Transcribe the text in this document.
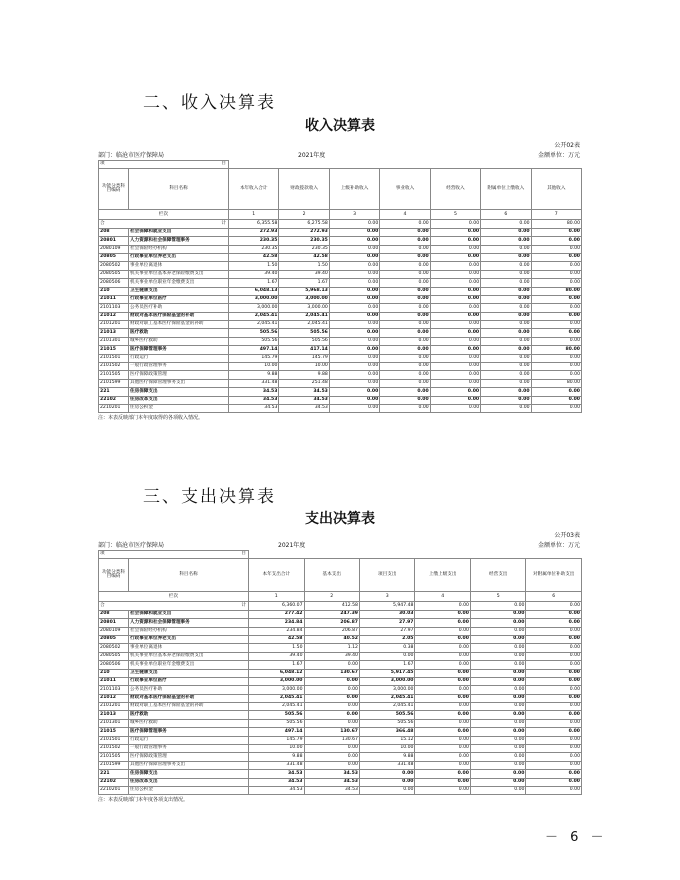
二、收入决算表
收入决算表
公开02表
部门：临沧市医疗保障局	2021年度	金额单位：万元
项 目								

功能分类科目编码	科目名称	本年收入合计	财政拨款收入	上级补助收入	事业收入	经营收入	附属单位上缴收入	其他收入
栏次		1	2	3	4	5	6	7
合 计		6,355.58	6,275.58	0.00	0.00	0.00	0.00	80.00
208	社会保障和就业支出	272.93	272.93	0.00	0.00	0.00	0.00	0.00
20801	人力资源和社会保障管理事务	230.35	230.35	0.00	0.00	0.00	0.00	0.00
2080109	社会保险经办机构	230.35	230.35	0.00	0.00	0.00	0.00	0.00
20805	行政事业单位养老支出	42.58	42.58	0.00	0.00	0.00	0.00	0.00
2080502	事业单位离退休	1.50	1.50	0.00	0.00	0.00	0.00	0.00
2080505	机关事业单位基本养老保险缴费支出	39.40	39.40	0.00	0.00	0.00	0.00	0.00
2080506	机关事业单位职业年金缴费支出	1.67	1.67	0.00	0.00	0.00	0.00	0.00
210	卫生健康支出	6,048.13	5,968.13	0.00	0.00	0.00	0.00	80.00
21011	行政事业单位医疗	3,000.00	3,000.00	0.00	0.00	0.00	0.00	0.00
2101103	公务员医疗补助	3,000.00	3,000.00	0.00	0.00	0.00	0.00	0.00
21012	财政对基本医疗保险基金的补助	2,045.41	2,045.41	0.00	0.00	0.00	0.00	0.00
2101201	财政对职工基本医疗保险基金的补助	2,045.41	2,045.41	0.00	0.00	0.00	0.00	0.00
21013	医疗救助	505.56	505.56	0.00	0.00	0.00	0.00	0.00
2101301	城乡医疗救助	505.56	505.56	0.00	0.00	0.00	0.00	0.00
21015	医疗保障管理事务	497.14	417.14	0.00	0.00	0.00	0.00	80.00
2101501	行政运行	145.79	145.79	0.00	0.00	0.00	0.00	0.00
2101502	一般行政管理事务	10.00	10.00	0.00	0.00	0.00	0.00	0.00
2101505	医疗保障政策管理	9.88	9.88	0.00	0.00	0.00	0.00	0.00
2101599	其他医疗保障管理事务支出	331.48	251.48	0.00	0.00	0.00	0.00	80.00
221	住房保障支出	34.53	34.53	0.00	0.00	0.00	0.00	0.00
22102	住房改革支出	34.53	34.53	0.00	0.00	0.00	0.00	0.00
2210201	住房公积金	34.53	34.53	0.00	0.00	0.00	0.00	0.00
注：本表反映部门本年度取得的各项收入情况。
三、支出决算表
支出决算表
公开03表
部门：临沧市医疗保障局	2021年度	金额单位：万元
项 目							

功能分类科目编码	科目名称	本年支出合计	基本支出	项目支出	上缴上级支出	经营支出	对附属单位补助支出
栏次		1	2	3	4	5	6
合 计		6,360.07	412.58	5,947.48	0.00	0.00	0.00
208	社会保障和就业支出	277.42	247.39	30.03	0.00	0.00	0.00
20801	人力资源和社会保障管理事务	234.84	206.87	27.97	0.00	0.00	0.00
2080109	社会保险经办机构	234.84	206.87	27.97	0.00	0.00	0.00
20805	行政事业单位养老支出	42.58	40.52	2.05	0.00	0.00	0.00
2080502	事业单位离退休	1.50	1.12	0.38	0.00	0.00	0.00
2080505	机关事业单位基本养老保险缴费支出	39.40	39.40	0.00	0.00	0.00	0.00
2080506	机关事业单位职业年金缴费支出	1.67	0.00	1.67	0.00	0.00	0.00
210	卫生健康支出	6,048.12	130.67	5,917.45	0.00	0.00	0.00
21011	行政事业单位医疗	3,000.00	0.00	3,000.00	0.00	0.00	0.00
2101103	公务员医疗补助	3,000.00	0.00	3,000.00	0.00	0.00	0.00
21012	财政对基本医疗保险基金的补助	2,045.41	0.00	2,045.41	0.00	0.00	0.00
2101201	财政对职工基本医疗保险基金的补助	2,045.41	0.00	2,045.41	0.00	0.00	0.00
21013	医疗救助	505.56	0.00	505.56	0.00	0.00	0.00
2101301	城乡医疗救助	505.56	0.00	505.56	0.00	0.00	0.00
21015	医疗保障管理事务	497.14	130.67	366.48	0.00	0.00	0.00
2101501	行政运行	145.79	130.67	15.12	0.00	0.00	0.00
2101502	一般行政管理事务	10.00	0.00	10.00	0.00	0.00	0.00
2101505	医疗保障政策管理	9.88	0.00	9.88	0.00	0.00	0.00
2101599	其他医疗保障管理事务支出	331.48	0.00	331.48	0.00	0.00	0.00
221	住房保障支出	34.53	34.53	0.00	0.00	0.00	0.00
22102	住房改革支出	34.53	34.53	0.00	0.00	0.00	0.00
2210201	住房公积金	34.53	34.53	0.00	0.00	0.00	0.00
注：本表反映部门本年度各项支出情况。
－ 6 －
